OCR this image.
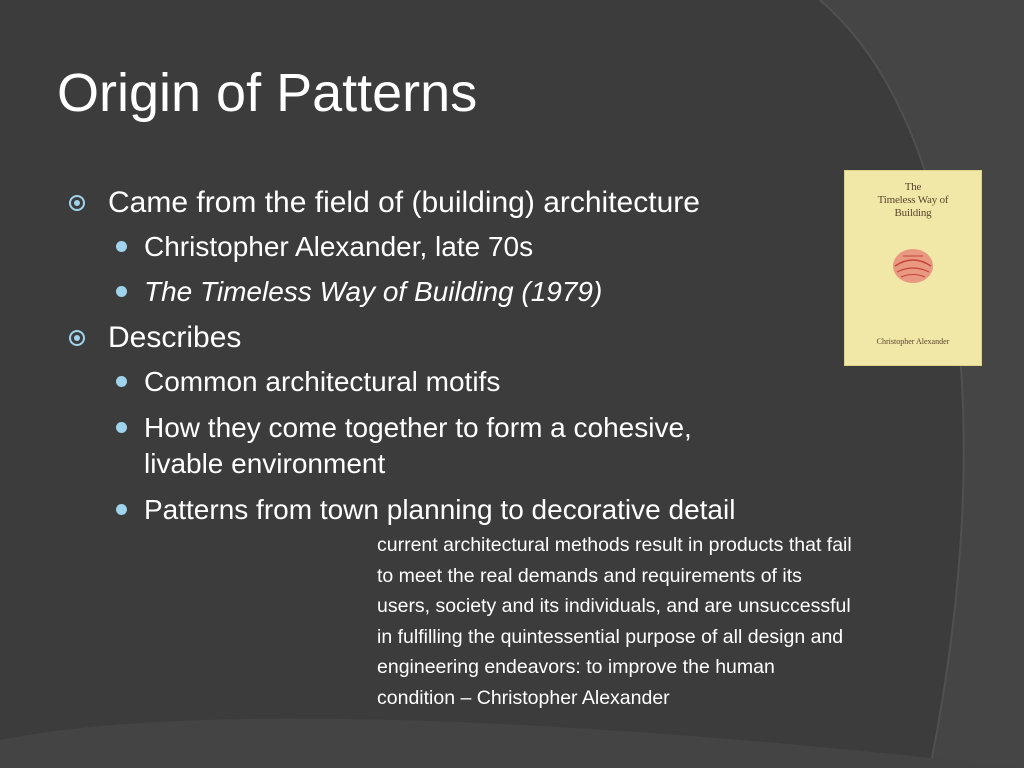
Origin of Patterns
Came from the field of (building) architecture
Christopher Alexander, late 70s
The Timeless Way of Building (1979)
Describes
Common architectural motifs
How they come together to form a cohesive,
livable environment
Patterns from town planning to decorative detail
The
Timeless Way of
Building
Christopher Alexander
current architectural methods result in products that fail
to meet the real demands and requirements of its
users, society and its individuals, and are unsuccessful
in fulfilling the quintessential purpose of all design and
engineering endeavors: to improve the human
condition – Christopher Alexander
